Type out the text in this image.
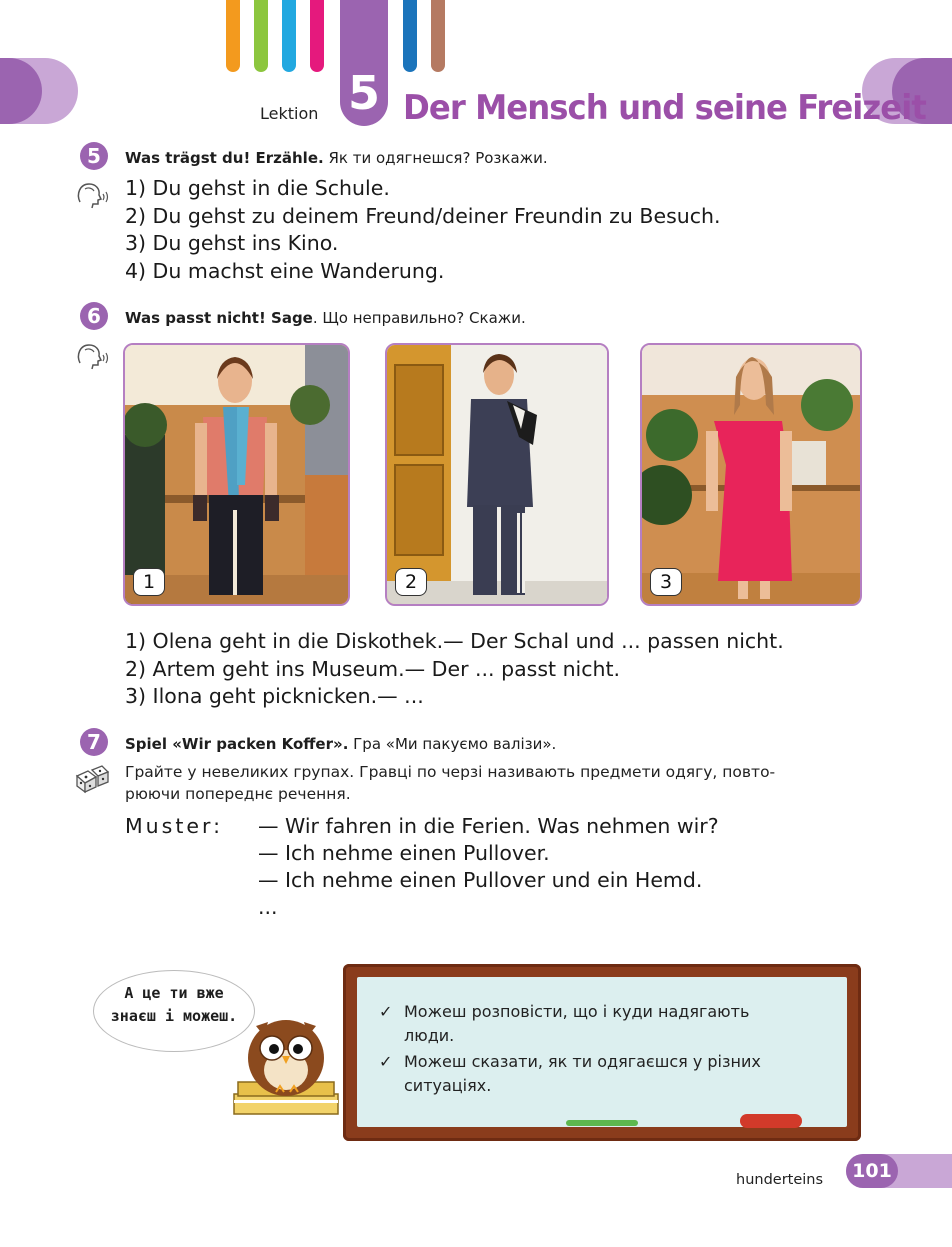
5
Lektion Der Mensch und seine Freizeit
5	Was trägst du! Erzähle. Як ти одягнешся? Розкажи.
1) Du gehst in die Schule.
2) Du gehst zu deinem Freund/deiner Freundin zu Besuch.
3) Du gehst ins Kino.
4) Du machst eine Wanderung.
6	Was passt nicht! Sage. Що неправильно? Скажи.
1	2	3
1) Olena geht in die Diskothek.— Der Schal und ... passen nicht.
2) Artem geht ins Museum.— Der ... passt nicht.
3) Ilona geht picknicken.— ...
7	Spiel «Wir packen Koffer». Гра «Ми пакуємо валізи».
Грайте у невеликих групах. Гравці по черзі називають предмети одягу, повто-
рюючи попереднє речення.
Muster: — Wir fahren in die Ferien. Was nehmen wir?
— Ich nehme einen Pullover.
— Ich nehme einen Pullover und ein Hemd.
...
А це ти вже
знаєш і можеш.	✓ Можеш розповісти, що і куди надягають
люди.
✓ Можеш сказати, як ти одягаєшся у різних
ситуаціях.
hunderteins	101
